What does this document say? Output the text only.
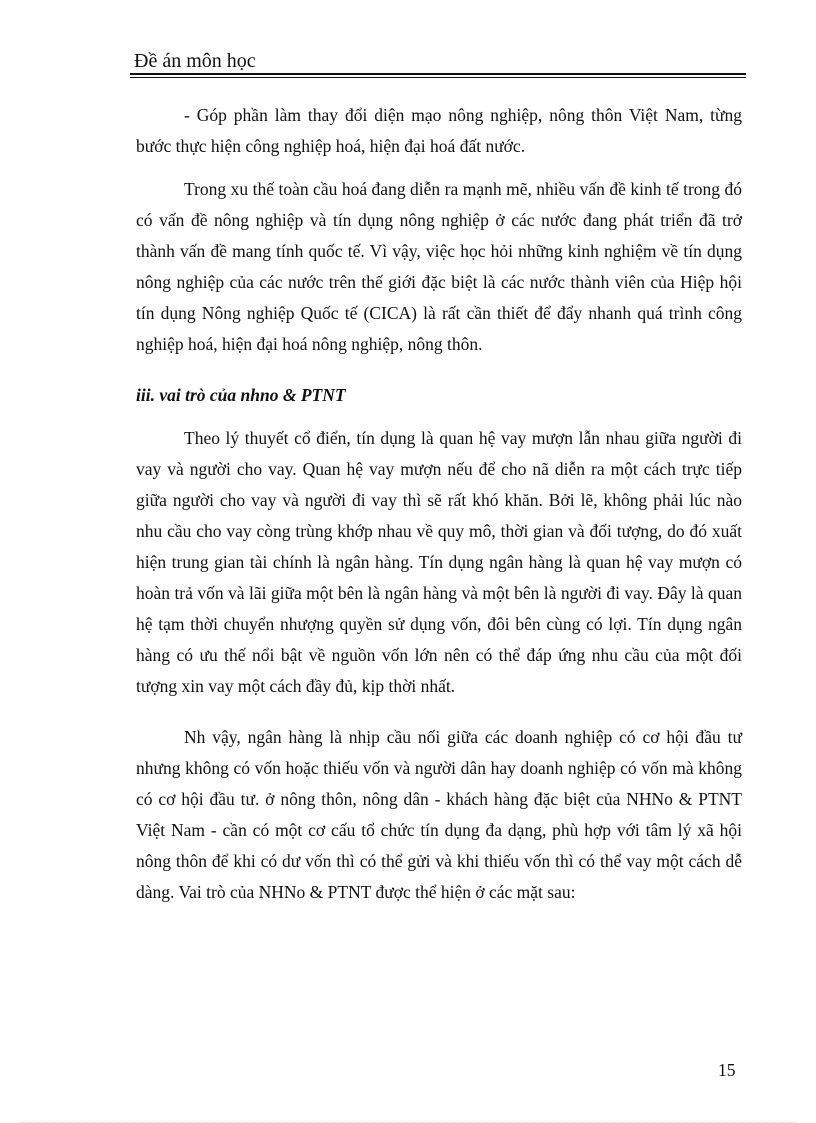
Đề án môn học

- Góp phần làm thay đổi diện mạo nông nghiệp, nông thôn Việt Nam, từng bước thực hiện công nghiệp hoá, hiện đại hoá đất nước.

Trong xu thế toàn cầu hoá đang diễn ra mạnh mẽ, nhiều vấn đề kinh tế trong đó có vấn đề nông nghiệp và tín dụng nông nghiệp ở các nước đang phát triển đã trở thành vấn đề mang tính quốc tế. Vì vậy, việc học hỏi những kinh nghiệm về tín dụng nông nghiệp của các nước trên thế giới đặc biệt là các nước thành viên của Hiệp hội tín dụng Nông nghiệp Quốc tế (CICA) là rất cần thiết để đẩy nhanh quá trình công nghiệp hoá, hiện đại hoá nông nghiệp, nông thôn.

iii. vai trò của nhno & PTNT

Theo lý thuyết cổ điển, tín dụng là quan hệ vay mượn lẫn nhau giữa người đi vay và người cho vay. Quan hệ vay mượn nếu để cho nã diễn ra một cách trực tiếp giữa người cho vay và người đi vay thì sẽ rất khó khăn. Bởi lẽ, không phải lúc nào nhu cầu cho vay còng trùng khớp nhau về quy mô, thời gian và đối tượng, do đó xuất hiện trung gian tài chính là ngân hàng. Tín dụng ngân hàng là quan hệ vay mượn có hoàn trả vốn và lãi giữa một bên là ngân hàng và một bên là người đi vay. Đây là quan hệ tạm thời chuyển nhượng quyền sử dụng vốn, đôi bên cùng có lợi. Tín dụng ngân hàng có ưu thế nổi bật về nguồn vốn lớn nên có thể đáp ứng nhu cầu của một đối tượng xin vay một cách đầy đủ, kịp thời nhất.

Nh vậy, ngân hàng là nhịp cầu nối giữa các doanh nghiệp có cơ hội đầu tư nhưng không có vốn hoặc thiếu vốn và người dân hay doanh nghiệp có vốn mà không có cơ hội đầu tư. ở nông thôn, nông dân - khách hàng đặc biệt của NHNo & PTNT Việt Nam - cần có một cơ cấu tổ chức tín dụng đa dạng, phù hợp với tâm lý xã hội nông thôn để khi có dư vốn thì có thể gửi và khi thiếu vốn thì có thể vay một cách dễ dàng. Vai trò của NHNo & PTNT được thể hiện ở các mặt sau:

15
